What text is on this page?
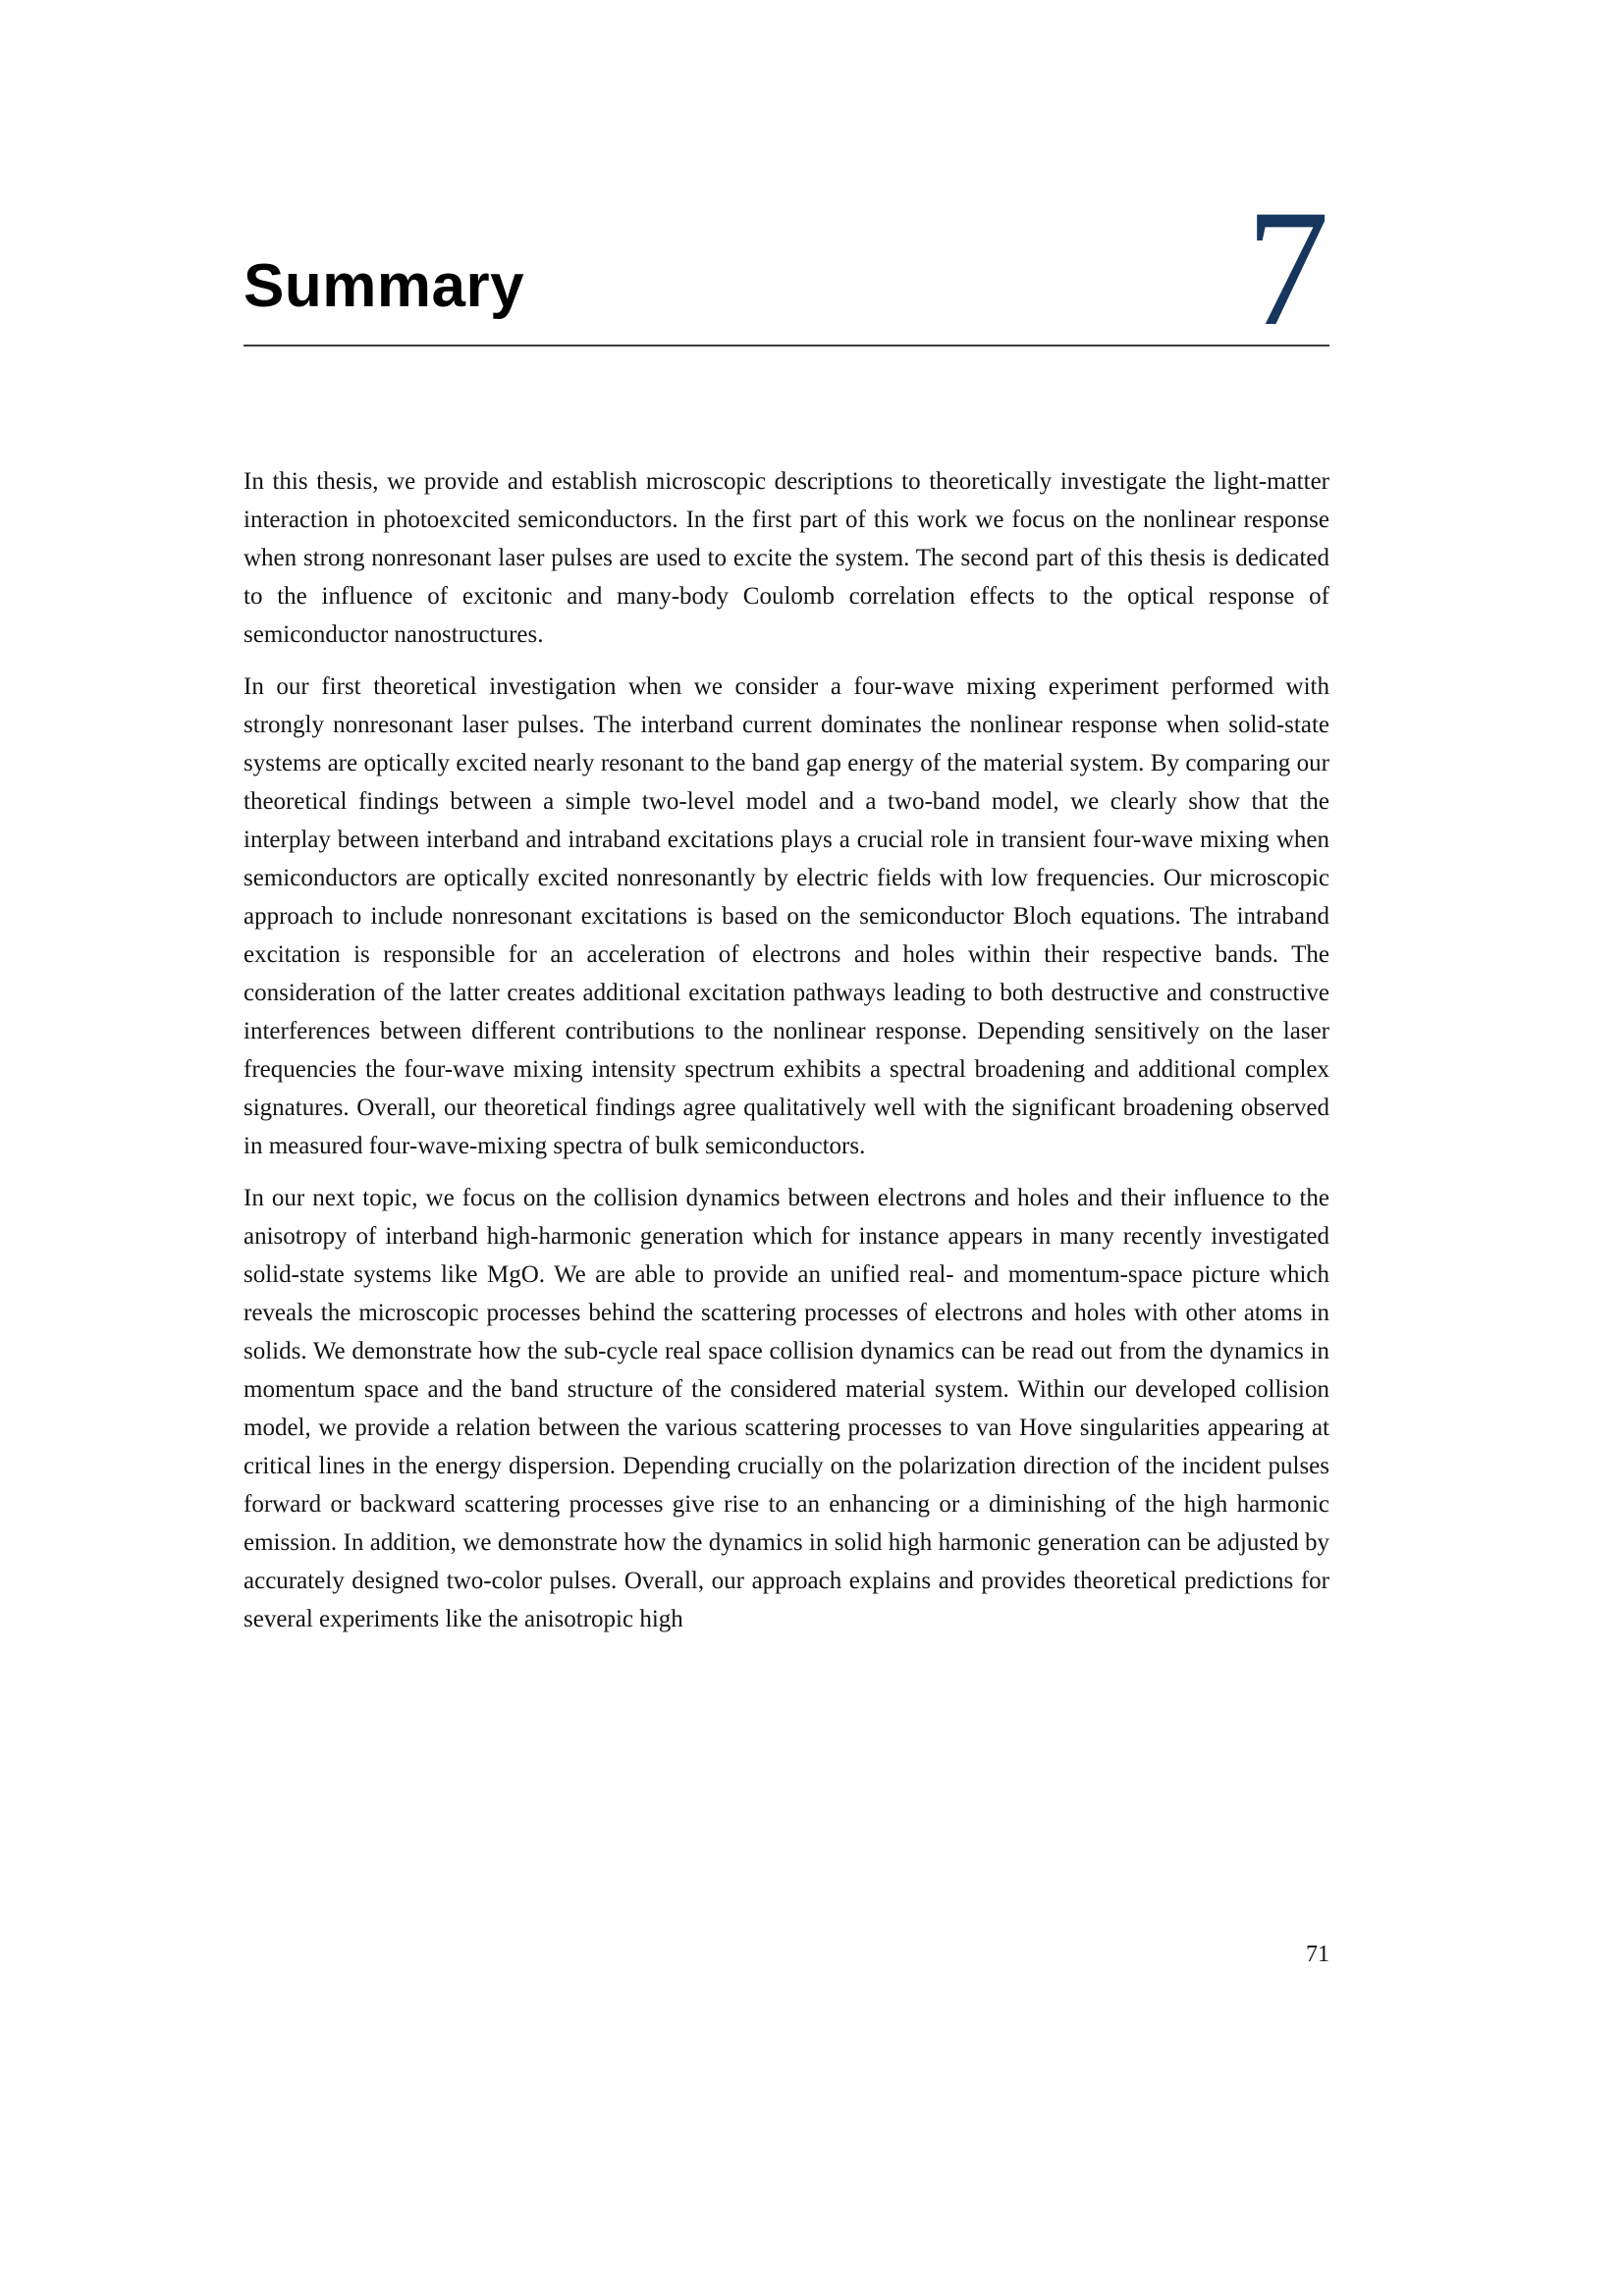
Summary	7

In this thesis, we provide and establish microscopic descriptions to theoretically investigate the light-matter interaction in photoexcited semiconductors. In the first part of this work we focus on the nonlinear response when strong nonresonant laser pulses are used to excite the system. The second part of this thesis is dedicated to the influence of excitonic and many-body Coulomb correlation effects to the optical response of semiconductor nanostructures.

In our first theoretical investigation when we consider a four-wave mixing experiment performed with strongly nonresonant laser pulses. The interband current dominates the nonlinear response when solid-state systems are optically excited nearly resonant to the band gap energy of the material system. By comparing our theoretical findings between a simple two-level model and a two-band model, we clearly show that the interplay between interband and intraband excitations plays a crucial role in transient four-wave mixing when semiconductors are optically excited nonresonantly by electric fields with low frequencies. Our microscopic approach to include nonresonant excitations is based on the semiconductor Bloch equations. The intraband excitation is responsible for an acceleration of electrons and holes within their respective bands. The consideration of the latter creates additional excitation pathways leading to both destructive and constructive interferences between different contributions to the nonlinear response. Depending sensitively on the laser frequencies the four-wave mixing intensity spectrum exhibits a spectral broadening and additional complex signatures. Overall, our theoretical findings agree qualitatively well with the significant broadening observed in measured four-wave-mixing spectra of bulk semiconductors.

In our next topic, we focus on the collision dynamics between electrons and holes and their influence to the anisotropy of interband high-harmonic generation which for instance appears in many recently investigated solid-state systems like MgO. We are able to provide an unified real- and momentum-space picture which reveals the microscopic processes behind the scattering processes of electrons and holes with other atoms in solids. We demonstrate how the sub-cycle real space collision dynamics can be read out from the dynamics in momentum space and the band structure of the considered material system. Within our developed collision model, we provide a relation between the various scattering processes to van Hove singularities appearing at critical lines in the energy dispersion. Depending crucially on the polarization direction of the incident pulses forward or backward scattering processes give rise to an enhancing or a diminishing of the high harmonic emission. In addition, we demonstrate how the dynamics in solid high harmonic generation can be adjusted by accurately designed two-color pulses. Overall, our approach explains and provides theoretical predictions for several experiments like the anisotropic high

71
